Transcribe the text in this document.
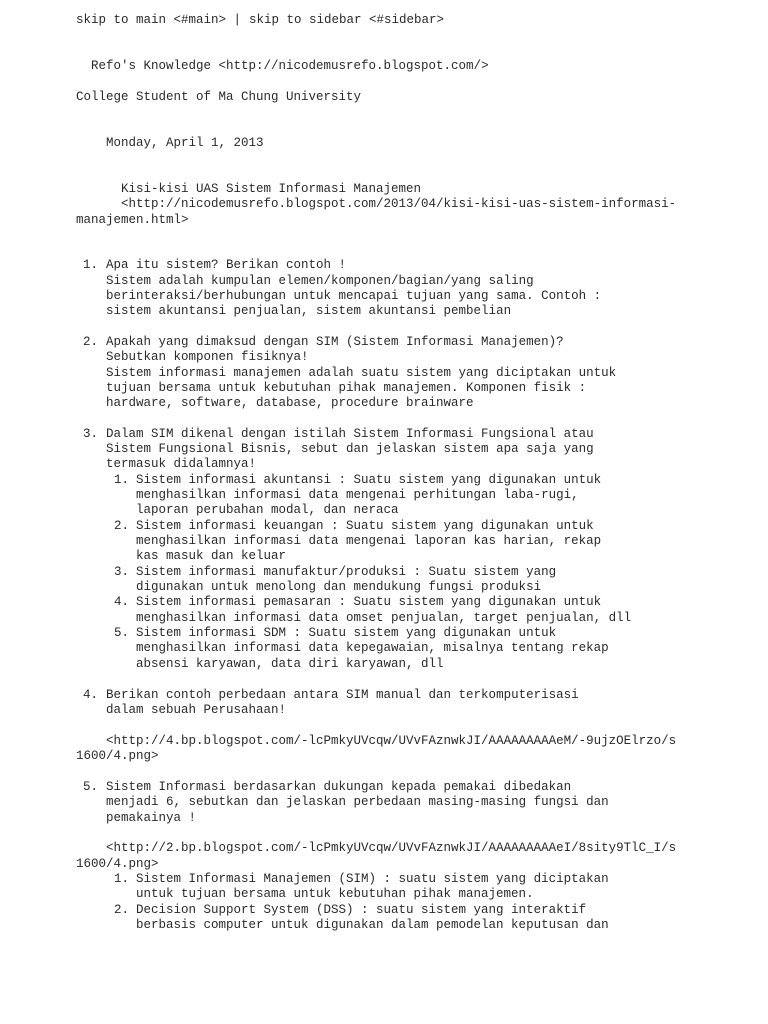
skip to main <#main> | skip to sidebar <#sidebar>
Refo's Knowledge <http://nicodemusrefo.blogspot.com/>
College Student of Ma Chung University
Monday, April 1, 2013
Kisi-kisi UAS Sistem Informasi Manajemen
<http://nicodemusrefo.blogspot.com/2013/04/kisi-kisi-uas-sistem-informasi-
manajemen.html>
1. Apa itu sistem? Berikan contoh !
Sistem adalah kumpulan elemen/komponen/bagian/yang saling
berinteraksi/berhubungan untuk mencapai tujuan yang sama. Contoh :
sistem akuntansi penjualan, sistem akuntansi pembelian
2. Apakah yang dimaksud dengan SIM (Sistem Informasi Manajemen)?
Sebutkan komponen fisiknya!
Sistem informasi manajemen adalah suatu sistem yang diciptakan untuk
tujuan bersama untuk kebutuhan pihak manajemen. Komponen fisik :
hardware, software, database, procedure brainware
3. Dalam SIM dikenal dengan istilah Sistem Informasi Fungsional atau
Sistem Fungsional Bisnis, sebut dan jelaskan sistem apa saja yang
termasuk didalamnya!
1. Sistem informasi akuntansi : Suatu sistem yang digunakan untuk
menghasilkan informasi data mengenai perhitungan laba-rugi,
laporan perubahan modal, dan neraca
2. Sistem informasi keuangan : Suatu sistem yang digunakan untuk
menghasilkan informasi data mengenai laporan kas harian, rekap
kas masuk dan keluar
3. Sistem informasi manufaktur/produksi : Suatu sistem yang
digunakan untuk menolong dan mendukung fungsi produksi
4. Sistem informasi pemasaran : Suatu sistem yang digunakan untuk
menghasilkan informasi data omset penjualan, target penjualan, dll
5. Sistem informasi SDM : Suatu sistem yang digunakan untuk
menghasilkan informasi data kepegawaian, misalnya tentang rekap
absensi karyawan, data diri karyawan, dll
4. Berikan contoh perbedaan antara SIM manual dan terkomputerisasi
dalam sebuah Perusahaan!
<http://4.bp.blogspot.com/-lcPmkyUVcqw/UVvFAznwkJI/AAAAAAAAAeM/-9ujzOElrzo/s
1600/4.png>
5. Sistem Informasi berdasarkan dukungan kepada pemakai dibedakan
menjadi 6, sebutkan dan jelaskan perbedaan masing-masing fungsi dan
pemakainya !
<http://2.bp.blogspot.com/-lcPmkyUVcqw/UVvFAznwkJI/AAAAAAAAAeI/8sity9TlC_I/s
1600/4.png>
1. Sistem Informasi Manajemen (SIM) : suatu sistem yang diciptakan
untuk tujuan bersama untuk kebutuhan pihak manajemen.
2. Decision Support System (DSS) : suatu sistem yang interaktif
berbasis computer untuk digunakan dalam pemodelan keputusan dan
